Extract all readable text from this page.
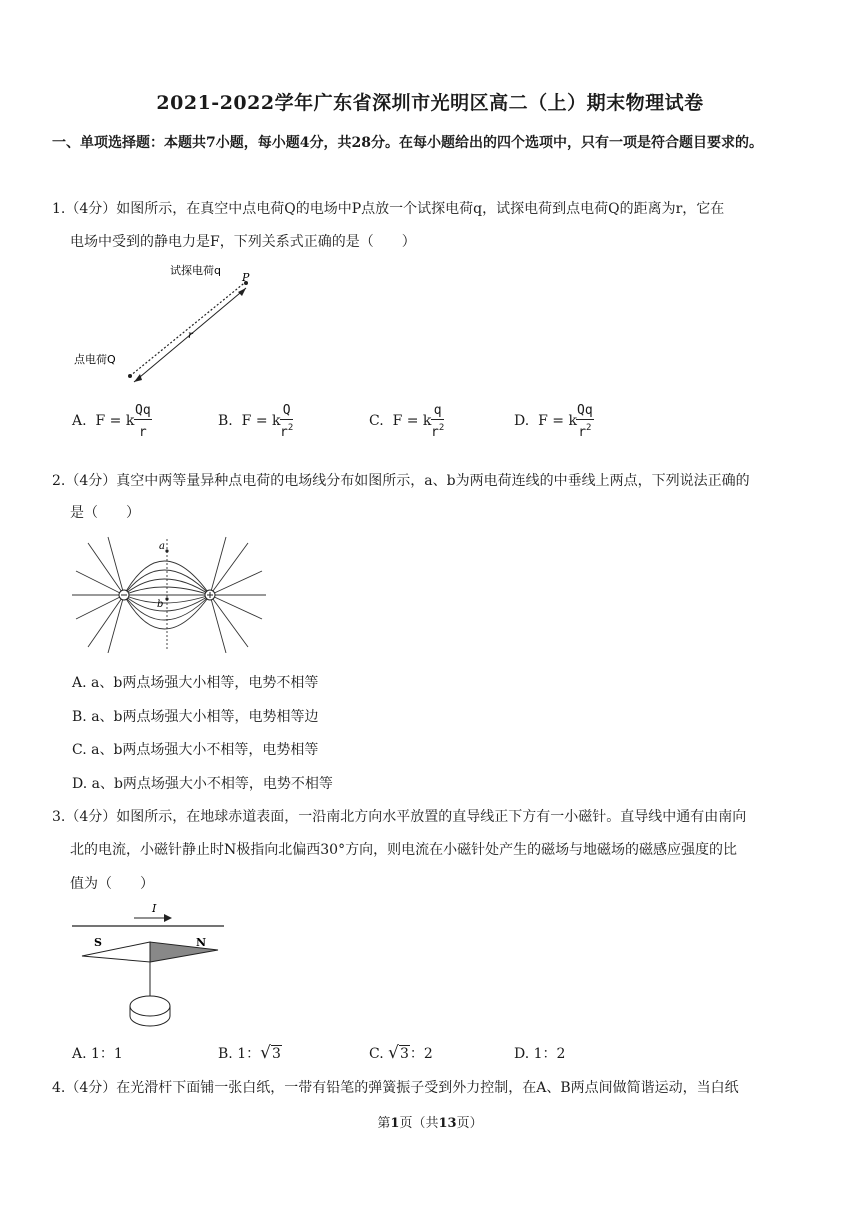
2021-2022学年广东省深圳市光明区高二（上）期末物理试卷
一、单项选择题：本题共7小题，每小题4分，共28分。在每小题给出的四个选项中，只有一项是符合题目要求的。
1.（4分）如图所示，在真空中点电荷Q的电场中P点放一个试探电荷q，试探电荷到点电荷Q的距离为r，它在
电场中受到的静电力是F，下列关系式正确的是（　　）
试探电荷q
P
点电荷Q
r
A. F = k $\frac{Qq}{r}$	B. F = k $\frac{Q}{r^2}$	C. F = k $\frac{q}{r^2}$	D. F = k $\frac{Qq}{r^2}$
2.（4分）真空中两等量异种点电荷的电场线分布如图所示，a、b为两电荷连线的中垂线上两点，下列说法正确的
是（　　）
a
b
A. a、b两点场强大小相等，电势不相等
B. a、b两点场强大小相等，电势相等边
C. a、b两点场强大小不相等，电势相等
D. a、b两点场强大小不相等，电势不相等
3.（4分）如图所示，在地球赤道表面，一沿南北方向水平放置的直导线正下方有一小磁针。直导线中通有由南向
北的电流，小磁针静止时N极指向北偏西30°方向，则电流在小磁针处产生的磁场与地磁场的磁感应强度的比
值为（　　）
I
S	N
A. 1：1	B. 1：√3	C. √3：2	D. 1：2
4.（4分）在光滑杆下面铺一张白纸，一带有铅笔的弹簧振子受到外力控制，在A、B两点间做简谐运动，当白纸
第1页（共13页）
